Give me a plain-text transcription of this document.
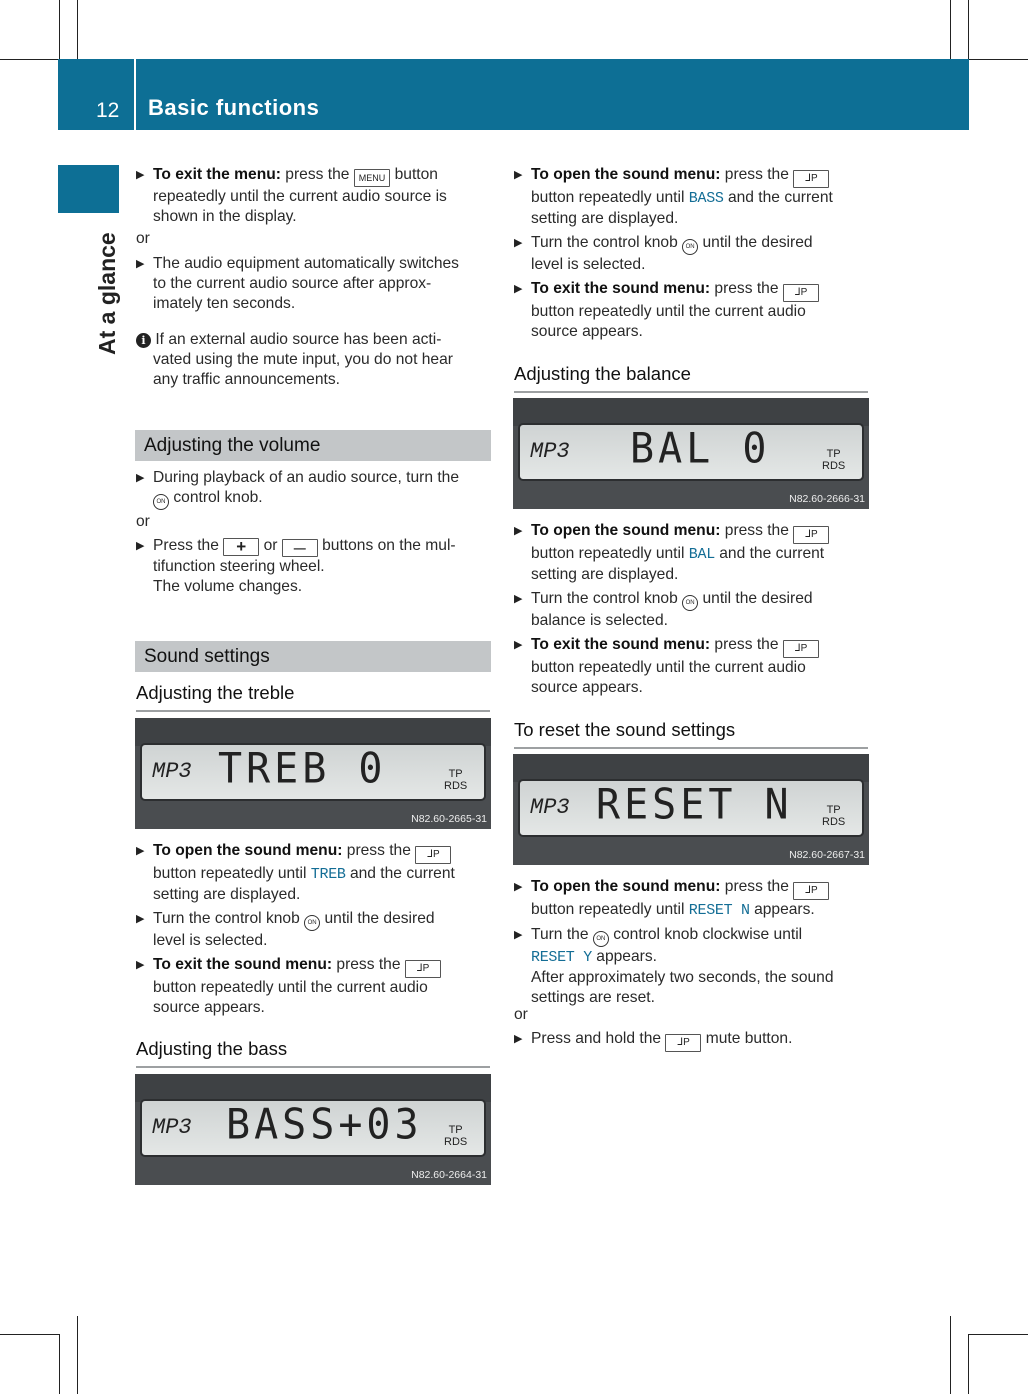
12 Basic functions
At a glance

▶ To exit the menu: press the MENU button
repeatedly until the current audio source is
shown in the display.

or

▶ The audio equipment automatically switches
to the current audio source after approx-
imately ten seconds.

i If an external audio source has been acti-
vated using the mute input, you do not hear
any traffic announcements.
Adjusting the volume

▶ During playback of an audio source, turn the
ON control knob.

or

▶ Press the + or — buttons on the mul-
tifunction steering wheel.
The volume changes.

Sound settings
Adjusting the treble
MP3 TREB 0	TP
RDS
N82.60-2665-31

▶ To open the sound menu: press the ᒧP
button repeatedly until TREB and the current
setting are displayed.

▶ Turn the control knob ON until the desired
level is selected.

▶ To exit the sound menu: press the ᒧP
button repeatedly until the current audio
source appears.

Adjusting the bass
MP3 BASS+03	TP
RDS
N82.60-2664-31

▶ To open the sound menu: press the ᒧP
button repeatedly until BASS and the current
setting are displayed.

▶ Turn the control knob ON until the desired
level is selected.

▶ To exit the sound menu: press the ᒧP
button repeatedly until the current audio
source appears.

Adjusting the balance
MP3 BAL 0	TP
RDS
N82.60-2666-31

▶ To open the sound menu: press the ᒧP
button repeatedly until BAL and the current
setting are displayed.

▶ Turn the control knob ON until the desired
balance is selected.

▶ To exit the sound menu: press the ᒧP
button repeatedly until the current audio
source appears.

To reset the sound settings
MP3 RESET N	TP
RDS
N82.60-2667-31

▶ To open the sound menu: press the ᒧP
button repeatedly until RESET N appears.

▶ Turn the ON control knob clockwise until
RESET Y appears.
After approximately two seconds, the sound
settings are reset.

or

▶ Press and hold the ᒧP mute button.
